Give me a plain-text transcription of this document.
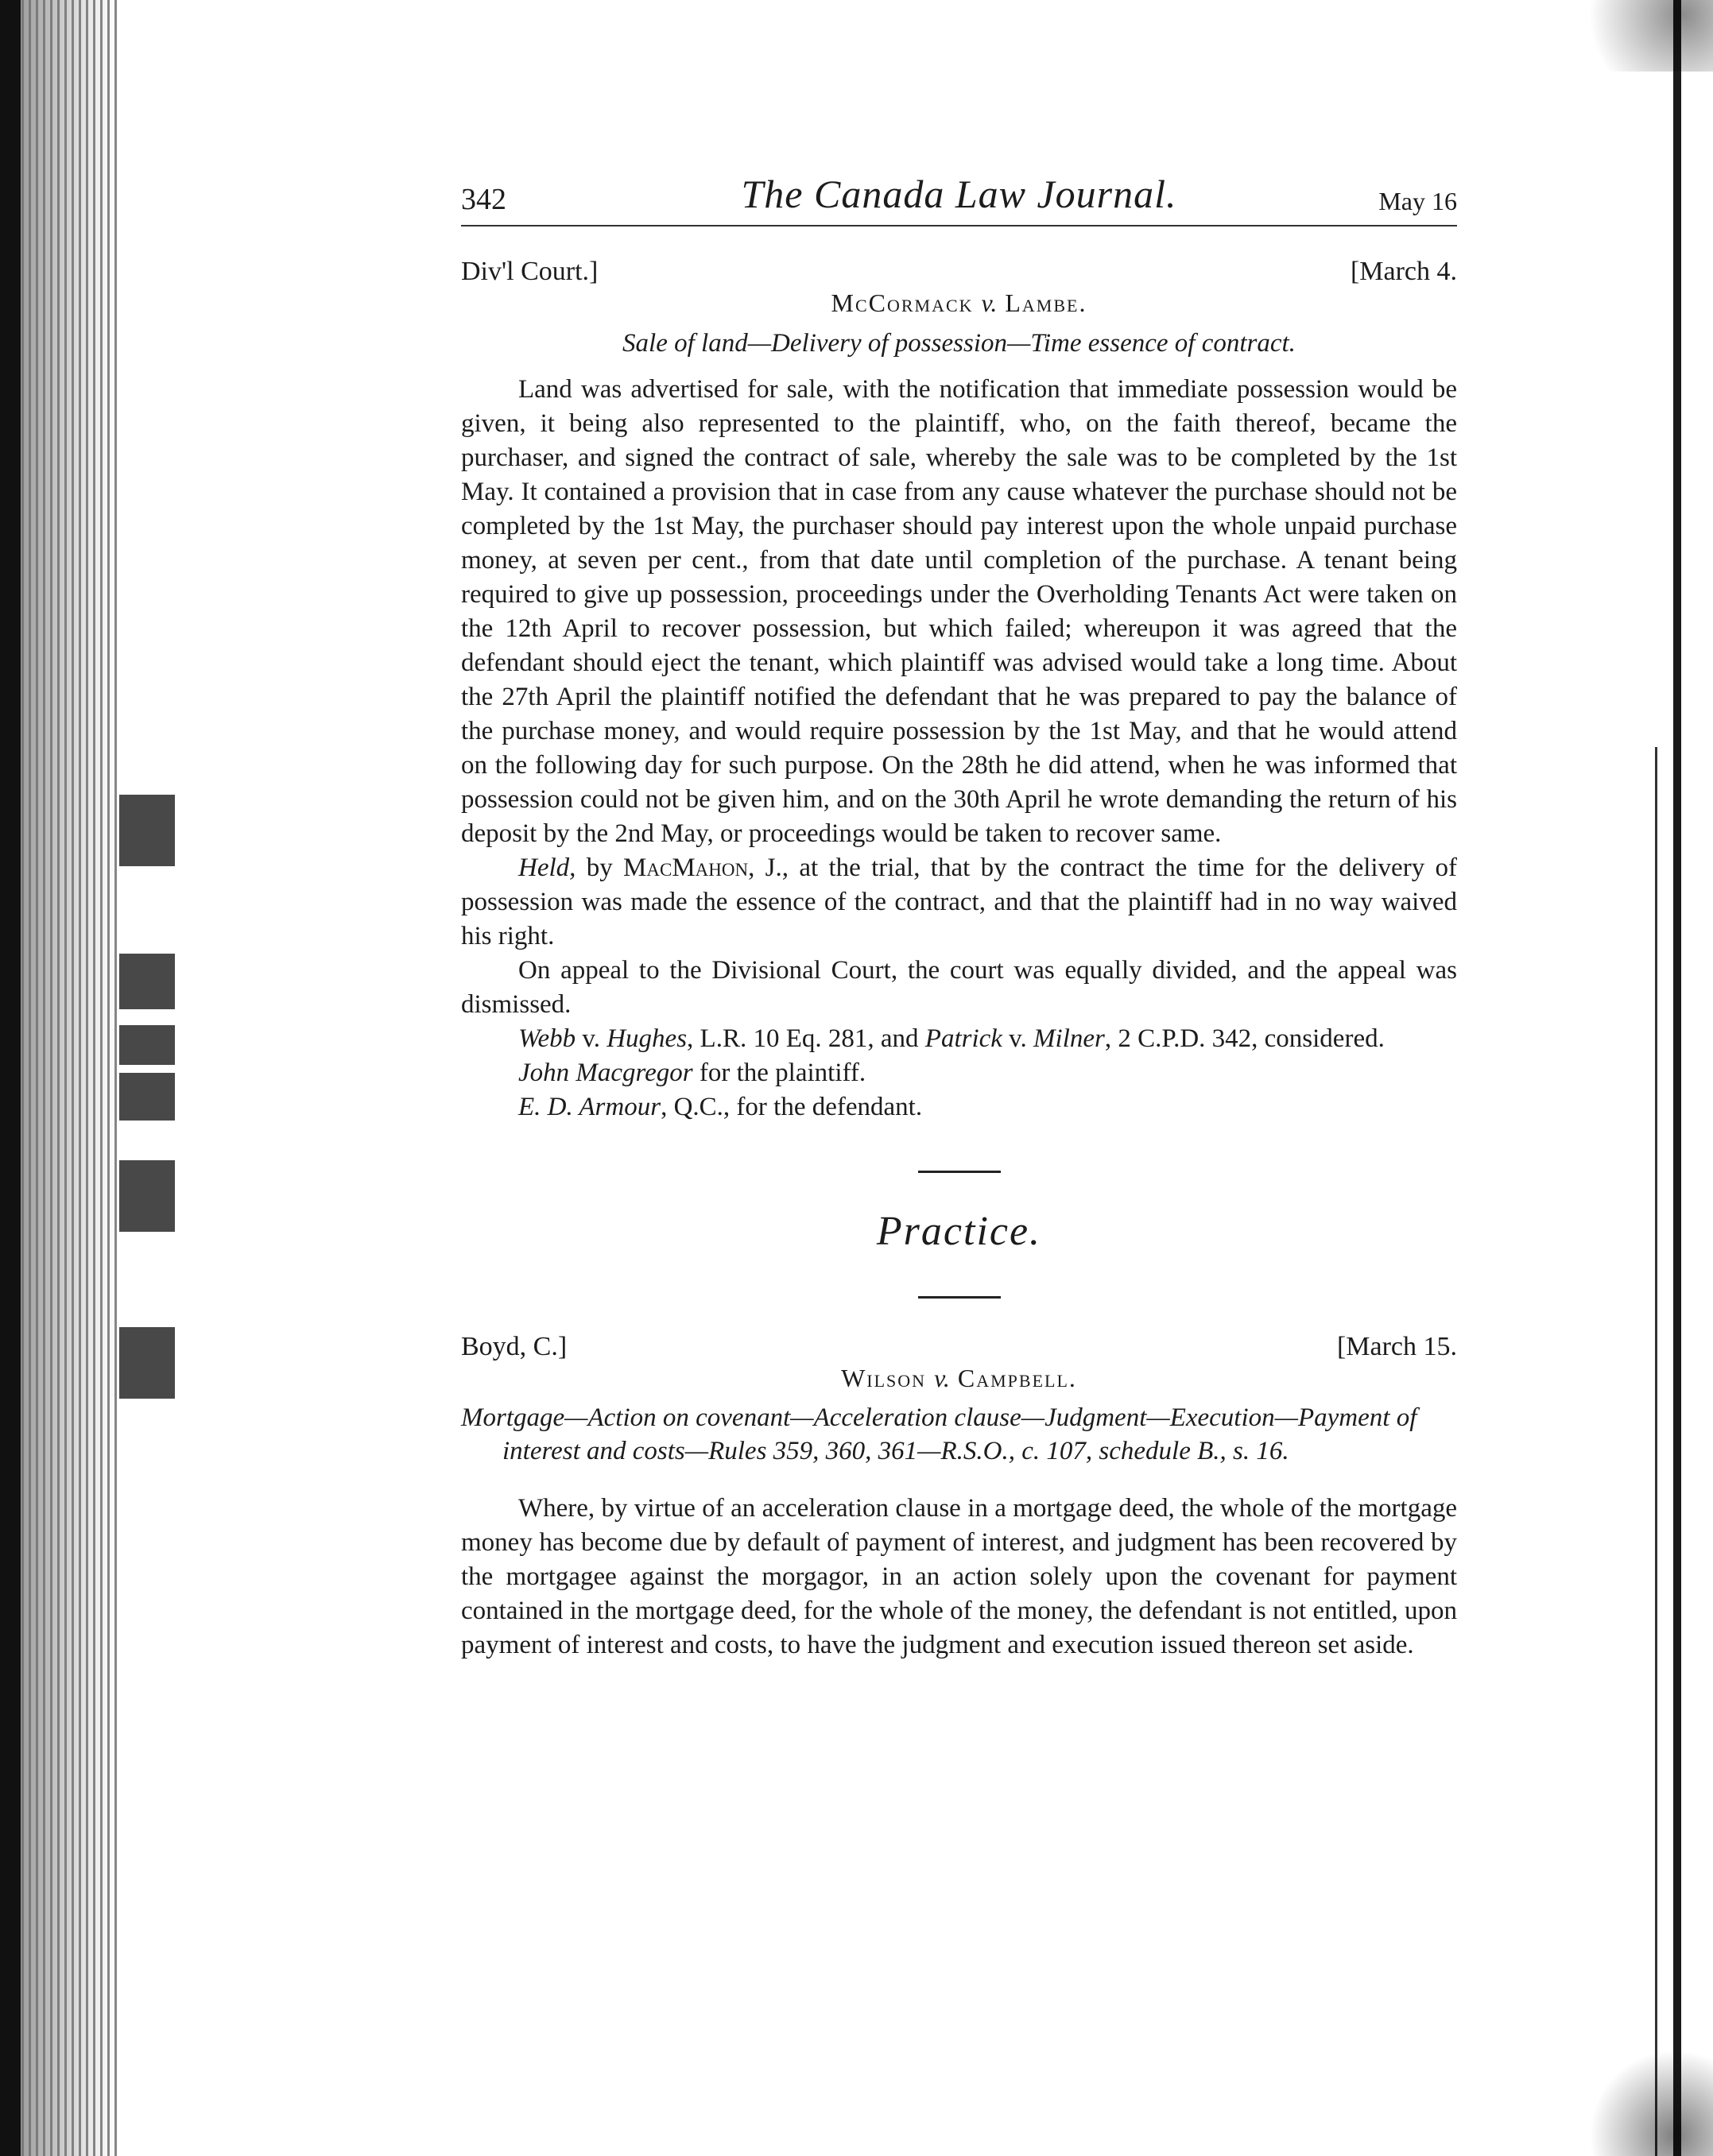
342	The Canada Law Journal.	May 16
Div'l Court.]	[March 4.
McCormack v. Lambe.
Sale of land—Delivery of possession—Time essence of contract.

Land was advertised for sale, with the notification that immediate possession would be given, it being also represented to the plaintiff, who, on the faith thereof, became the purchaser, and signed the contract of sale, whereby the sale was to be completed by the 1st May. It contained a provision that in case from any cause whatever the purchase should not be completed by the 1st May, the purchaser should pay interest upon the whole unpaid purchase money, at seven per cent., from that date until completion of the purchase. A tenant being required to give up possession, proceedings under the Overholding Tenants Act were taken on the 12th April to recover possession, but which failed; whereupon it was agreed that the defendant should eject the tenant, which plaintiff was advised would take a long time. About the 27th April the plaintiff notified the defendant that he was prepared to pay the balance of the purchase money, and would require possession by the 1st May, and that he would attend on the following day for such purpose. On the 28th he did attend, when he was informed that possession could not be given him, and on the 30th April he wrote demanding the return of his deposit by the 2nd May, or proceedings would be taken to recover same.

Held, by MacMahon, J., at the trial, that by the contract the time for the delivery of possession was made the essence of the contract, and that the plaintiff had in no way waived his right.

On appeal to the Divisional Court, the court was equally divided, and the appeal was dismissed.

Webb v. Hughes, L.R. 10 Eq. 281, and Patrick v. Milner, 2 C.P.D. 342, considered.

John Macgregor for the plaintiff.

E. D. Armour, Q.C., for the defendant.

Practice.
Boyd, C.]	[March 15.
Wilson v. Campbell.
Mortgage—Action on covenant—Acceleration clause—Judgment—Execution—Payment of interest and costs—Rules 359, 360, 361—R.S.O., c. 107, schedule B., s. 16.

Where, by virtue of an acceleration clause in a mortgage deed, the whole of the mortgage money has become due by default of payment of interest, and judgment has been recovered by the mortgagee against the morgagor, in an action solely upon the covenant for payment contained in the mortgage deed, for the whole of the money, the defendant is not entitled, upon payment of interest and costs, to have the judgment and execution issued thereon set aside.
